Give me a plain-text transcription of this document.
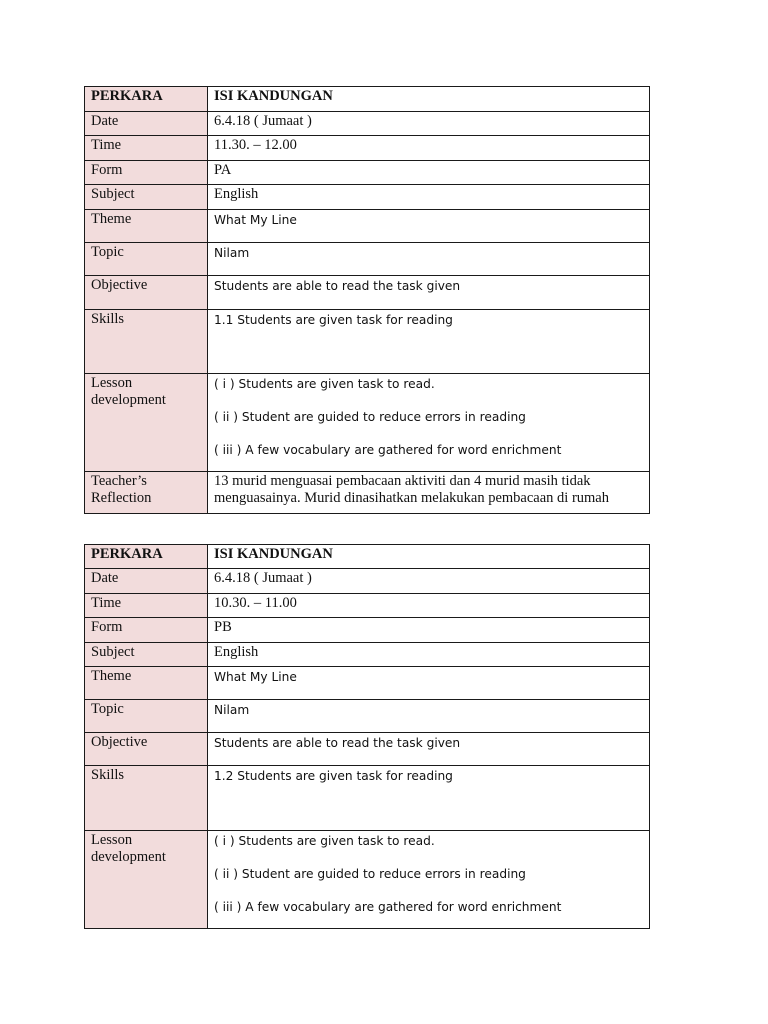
PERKARA	ISI KANDUNGAN
Date	6.4.18 ( Jumaat )
Time	11.30. – 12.00
Form	PA
Subject	English
Theme	What My Line
Topic	Nilam
Objective	Students are able to read the task given
Skills	1.1 Students are given task for reading
Lesson development	( i ) Students are given task to read.

( ii ) Student are guided to reduce errors in reading

( iii ) A few vocabulary are gathered for word enrichment

Teacher’s Reflection	13 murid menguasai pembacaan aktiviti dan 4 murid masih tidak menguasainya. Murid dinasihatkan melakukan pembacaan di rumah
PERKARA	ISI KANDUNGAN
Date	6.4.18 ( Jumaat )
Time	10.30. – 11.00
Form	PB
Subject	English
Theme	What My Line
Topic	Nilam
Objective	Students are able to read the task given
Skills	1.2 Students are given task for reading
Lesson development	( i ) Students are given task to read.

( ii ) Student are guided to reduce errors in reading

( iii ) A few vocabulary are gathered for word enrichment
